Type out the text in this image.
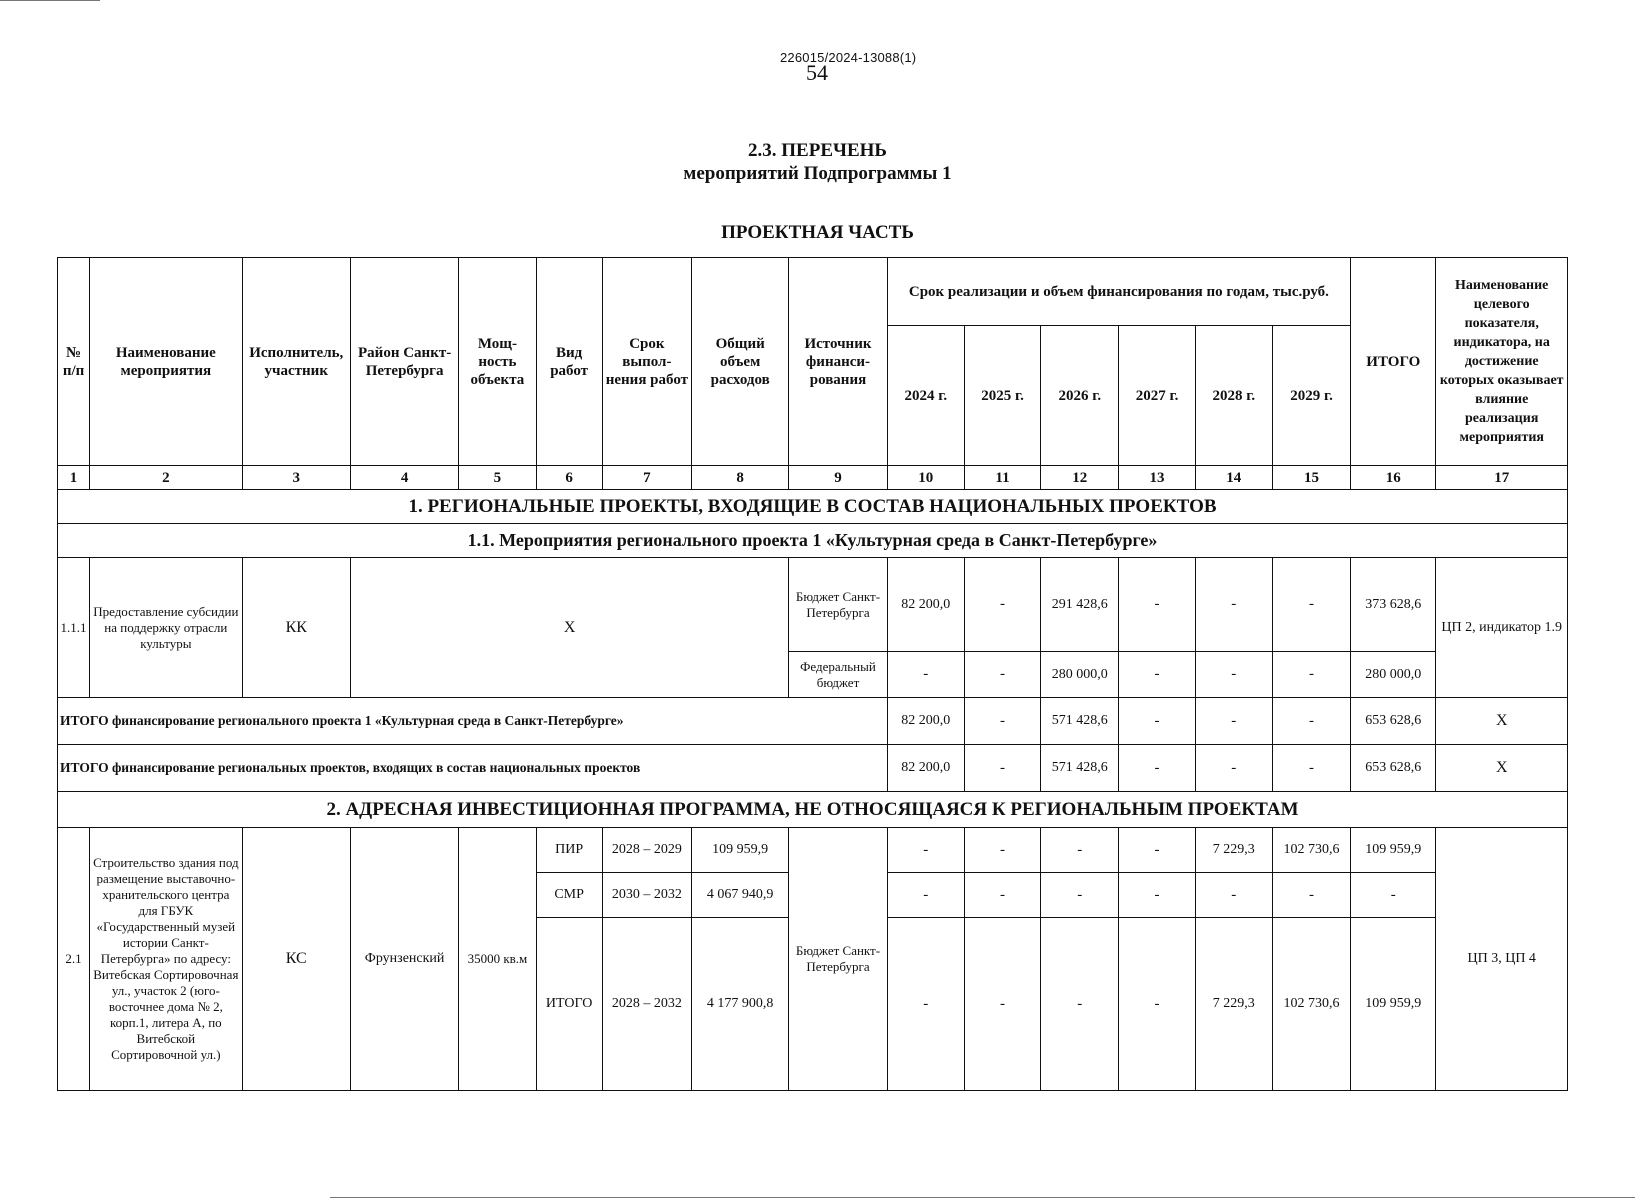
226015/2024-13088(1)
54
2.3. ПЕРЕЧЕНЬ
мероприятий Подпрограммы 1
ПРОЕКТНАЯ ЧАСТЬ
№ п/п	Наименование мероприятия	Исполнитель, участник	Район Санкт-Петербурга	Мощ-ность объекта	Вид работ	Срок выпол-нения работ	Общий объем расходов	Источник финанси-рования	Срок реализации и объем финансирования по годам, тыс.руб.						ИТОГО	Наименование целевого показателя, индикатора, на достижение которых оказывает влияние реализация мероприятия
									2024 г.	2025 г.	2026 г.	2027 г.	2028 г.	2029 г.		
1	2	3	4	5	6	7	8	9	10	11	12	13	14	15	16	17
1. РЕГИОНАЛЬНЫЕ ПРОЕКТЫ, ВХОДЯЩИЕ В СОСТАВ НАЦИОНАЛЬНЫХ ПРОЕКТОВ																
1.1. Мероприятия регионального проекта 1 «Культурная среда в Санкт-Петербурге»																
1.1.1	Предоставление субсидии на поддержку отрасли культуры	КК	Х					Бюджет Санкт-Петербурга	82 200,0	-	291 428,6	-	-	-	373 628,6	ЦП 2, индикатор 1.9
								Федеральный бюджет	-	-	280 000,0	-	-	-	280 000,0	
ИТОГО финансирование регионального проекта 1 «Культурная среда в Санкт-Петербурге»									82 200,0	-	571 428,6	-	-	-	653 628,6	Х
ИТОГО финансирование региональных проектов, входящих в состав национальных проектов									82 200,0	-	571 428,6	-	-	-	653 628,6	Х
2. АДРЕСНАЯ ИНВЕСТИЦИОННАЯ ПРОГРАММА, НЕ ОТНОСЯЩАЯСЯ К РЕГИОНАЛЬНЫМ ПРОЕКТАМ																
2.1	Строительство здания под размещение выставочно-хранительского центра для ГБУК «Государственный музей истории Санкт-Петербурга» по адресу: Витебская Сортировочная ул., участок 2 (юго-восточнее дома № 2, корп.1, литера А, по Витебской Сортировочной ул.)	КС	Фрунзенский	35000 кв.м	ПИР	2028 – 2029	109 959,9	Бюджет Санкт-Петербурга	-	-	-	-	7 229,3	102 730,6	109 959,9	ЦП 3, ЦП 4
					СМР	2030 – 2032	4 067 940,9		-	-	-	-	-	-	-	
					ИТОГО	2028 – 2032	4 177 900,8		-	-	-	-	7 229,3	102 730,6	109 959,9	
